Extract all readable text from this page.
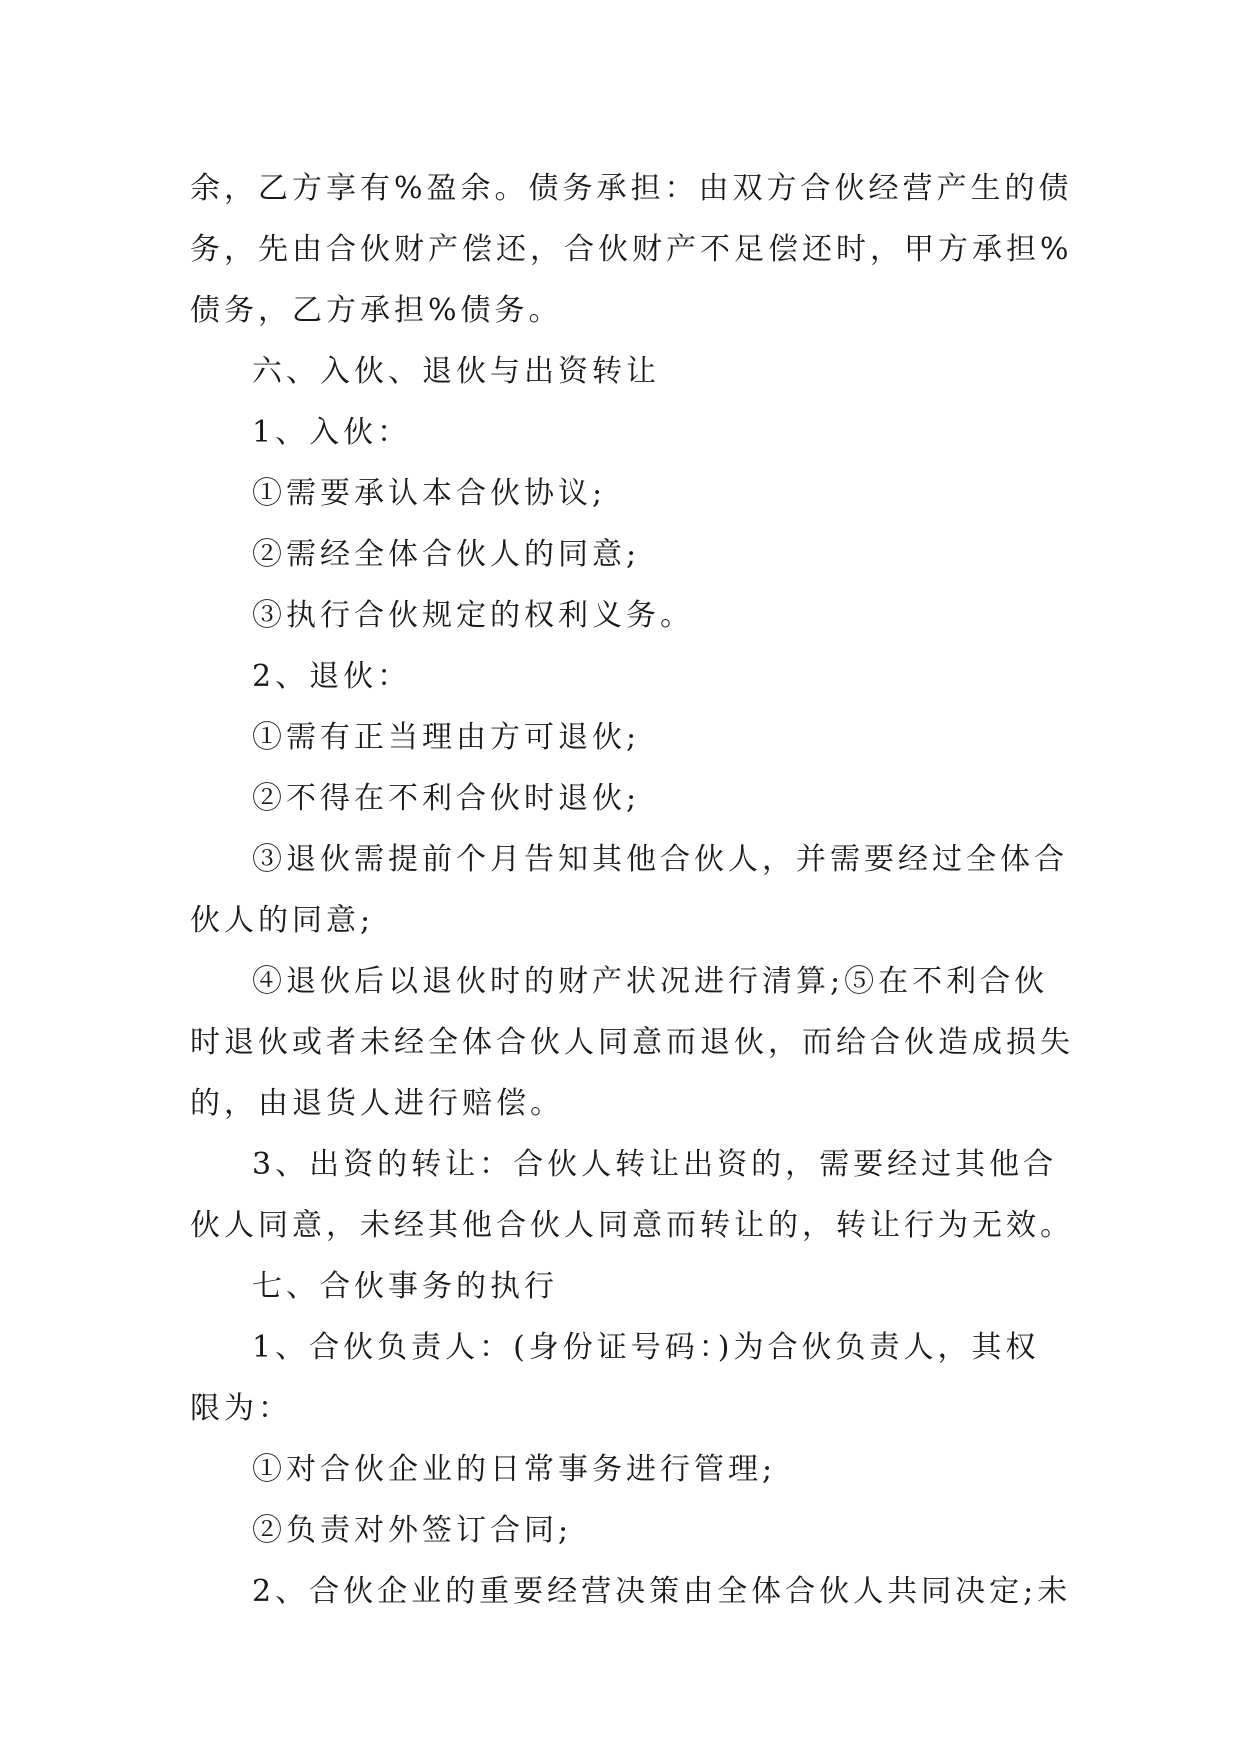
余，乙方享有%盈余。债务承担：由双方合伙经营产生的债

务，先由合伙财产偿还，合伙财产不足偿还时，甲方承担%

债务，乙方承担%债务。

六、入伙、退伙与出资转让

1、入伙：

①需要承认本合伙协议;

②需经全体合伙人的同意;

③执行合伙规定的权利义务。

2、退伙：

①需有正当理由方可退伙;

②不得在不利合伙时退伙;

③退伙需提前个月告知其他合伙人，并需要经过全体合

伙人的同意;

④退伙后以退伙时的财产状况进行清算;⑤在不利合伙

时退伙或者未经全体合伙人同意而退伙，而给合伙造成损失

的，由退货人进行赔偿。

3、出资的转让：合伙人转让出资的，需要经过其他合

伙人同意，未经其他合伙人同意而转让的，转让行为无效。

七、合伙事务的执行

1、合伙负责人：(身份证号码：)为合伙负责人，其权

限为：

①对合伙企业的日常事务进行管理;

②负责对外签订合同;

2、合伙企业的重要经营决策由全体合伙人共同决定;未
